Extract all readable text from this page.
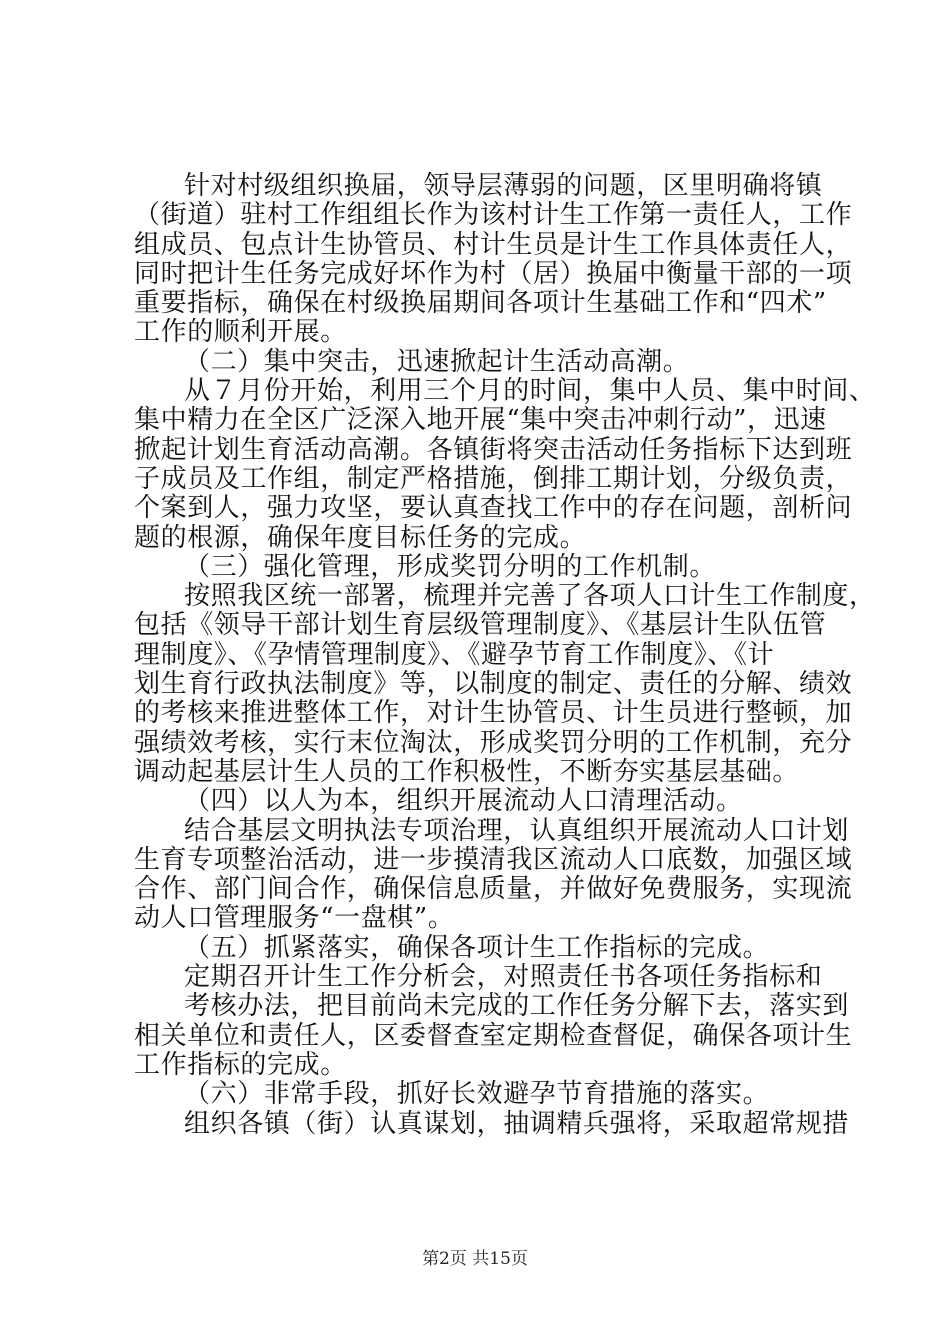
针对村级组织换届，领导层薄弱的问题，区里明确将镇
（街道）驻村工作组组长作为该村计生工作第一责任人，工作
组成员、包点计生协管员、村计生员是计生工作具体责任人，
同时把计生任务完成好坏作为村（居）换届中衡量干部的一项
重要指标，确保在村级换届期间各项计生基础工作和“四术”
工作的顺利开展。
（二）集中突击，迅速掀起计生活动高潮。
从７月份开始，利用三个月的时间，集中人员、集中时间、
集中精力在全区广泛深入地开展“集中突击冲刺行动”，迅速
掀起计划生育活动高潮。各镇街将突击活动任务指标下达到班
子成员及工作组，制定严格措施，倒排工期计划，分级负责，
个案到人，强力攻坚，要认真查找工作中的存在问题，剖析问
题的根源，确保年度目标任务的完成。
（三）强化管理，形成奖罚分明的工作机制。
按照我区统一部署，梳理并完善了各项人口计生工作制度，
包括《领导干部计划生育层级管理制度》、《基层计生队伍管
理制度》、《孕情管理制度》、《避孕节育工作制度》、《计
划生育行政执法制度》等，以制度的制定、责任的分解、绩效
的考核来推进整体工作，对计生协管员、计生员进行整顿，加
强绩效考核，实行末位淘汰，形成奖罚分明的工作机制，充分
调动起基层计生人员的工作积极性，不断夯实基层基础。
（四）以人为本，组织开展流动人口清理活动。
结合基层文明执法专项治理，认真组织开展流动人口计划
生育专项整治活动，进一步摸清我区流动人口底数，加强区域
合作、部门间合作，确保信息质量，并做好免费服务，实现流
动人口管理服务“一盘棋”。
（五）抓紧落实，确保各项计生工作指标的完成。
定期召开计生工作分析会，对照责任书各项任务指标和
考核办法，把目前尚未完成的工作任务分解下去，落实到
相关单位和责任人，区委督查室定期检查督促，确保各项计生
工作指标的完成。
（六）非常手段，抓好长效避孕节育措施的落实。
组织各镇（街）认真谋划，抽调精兵强将，采取超常规措
第2页 共15页
